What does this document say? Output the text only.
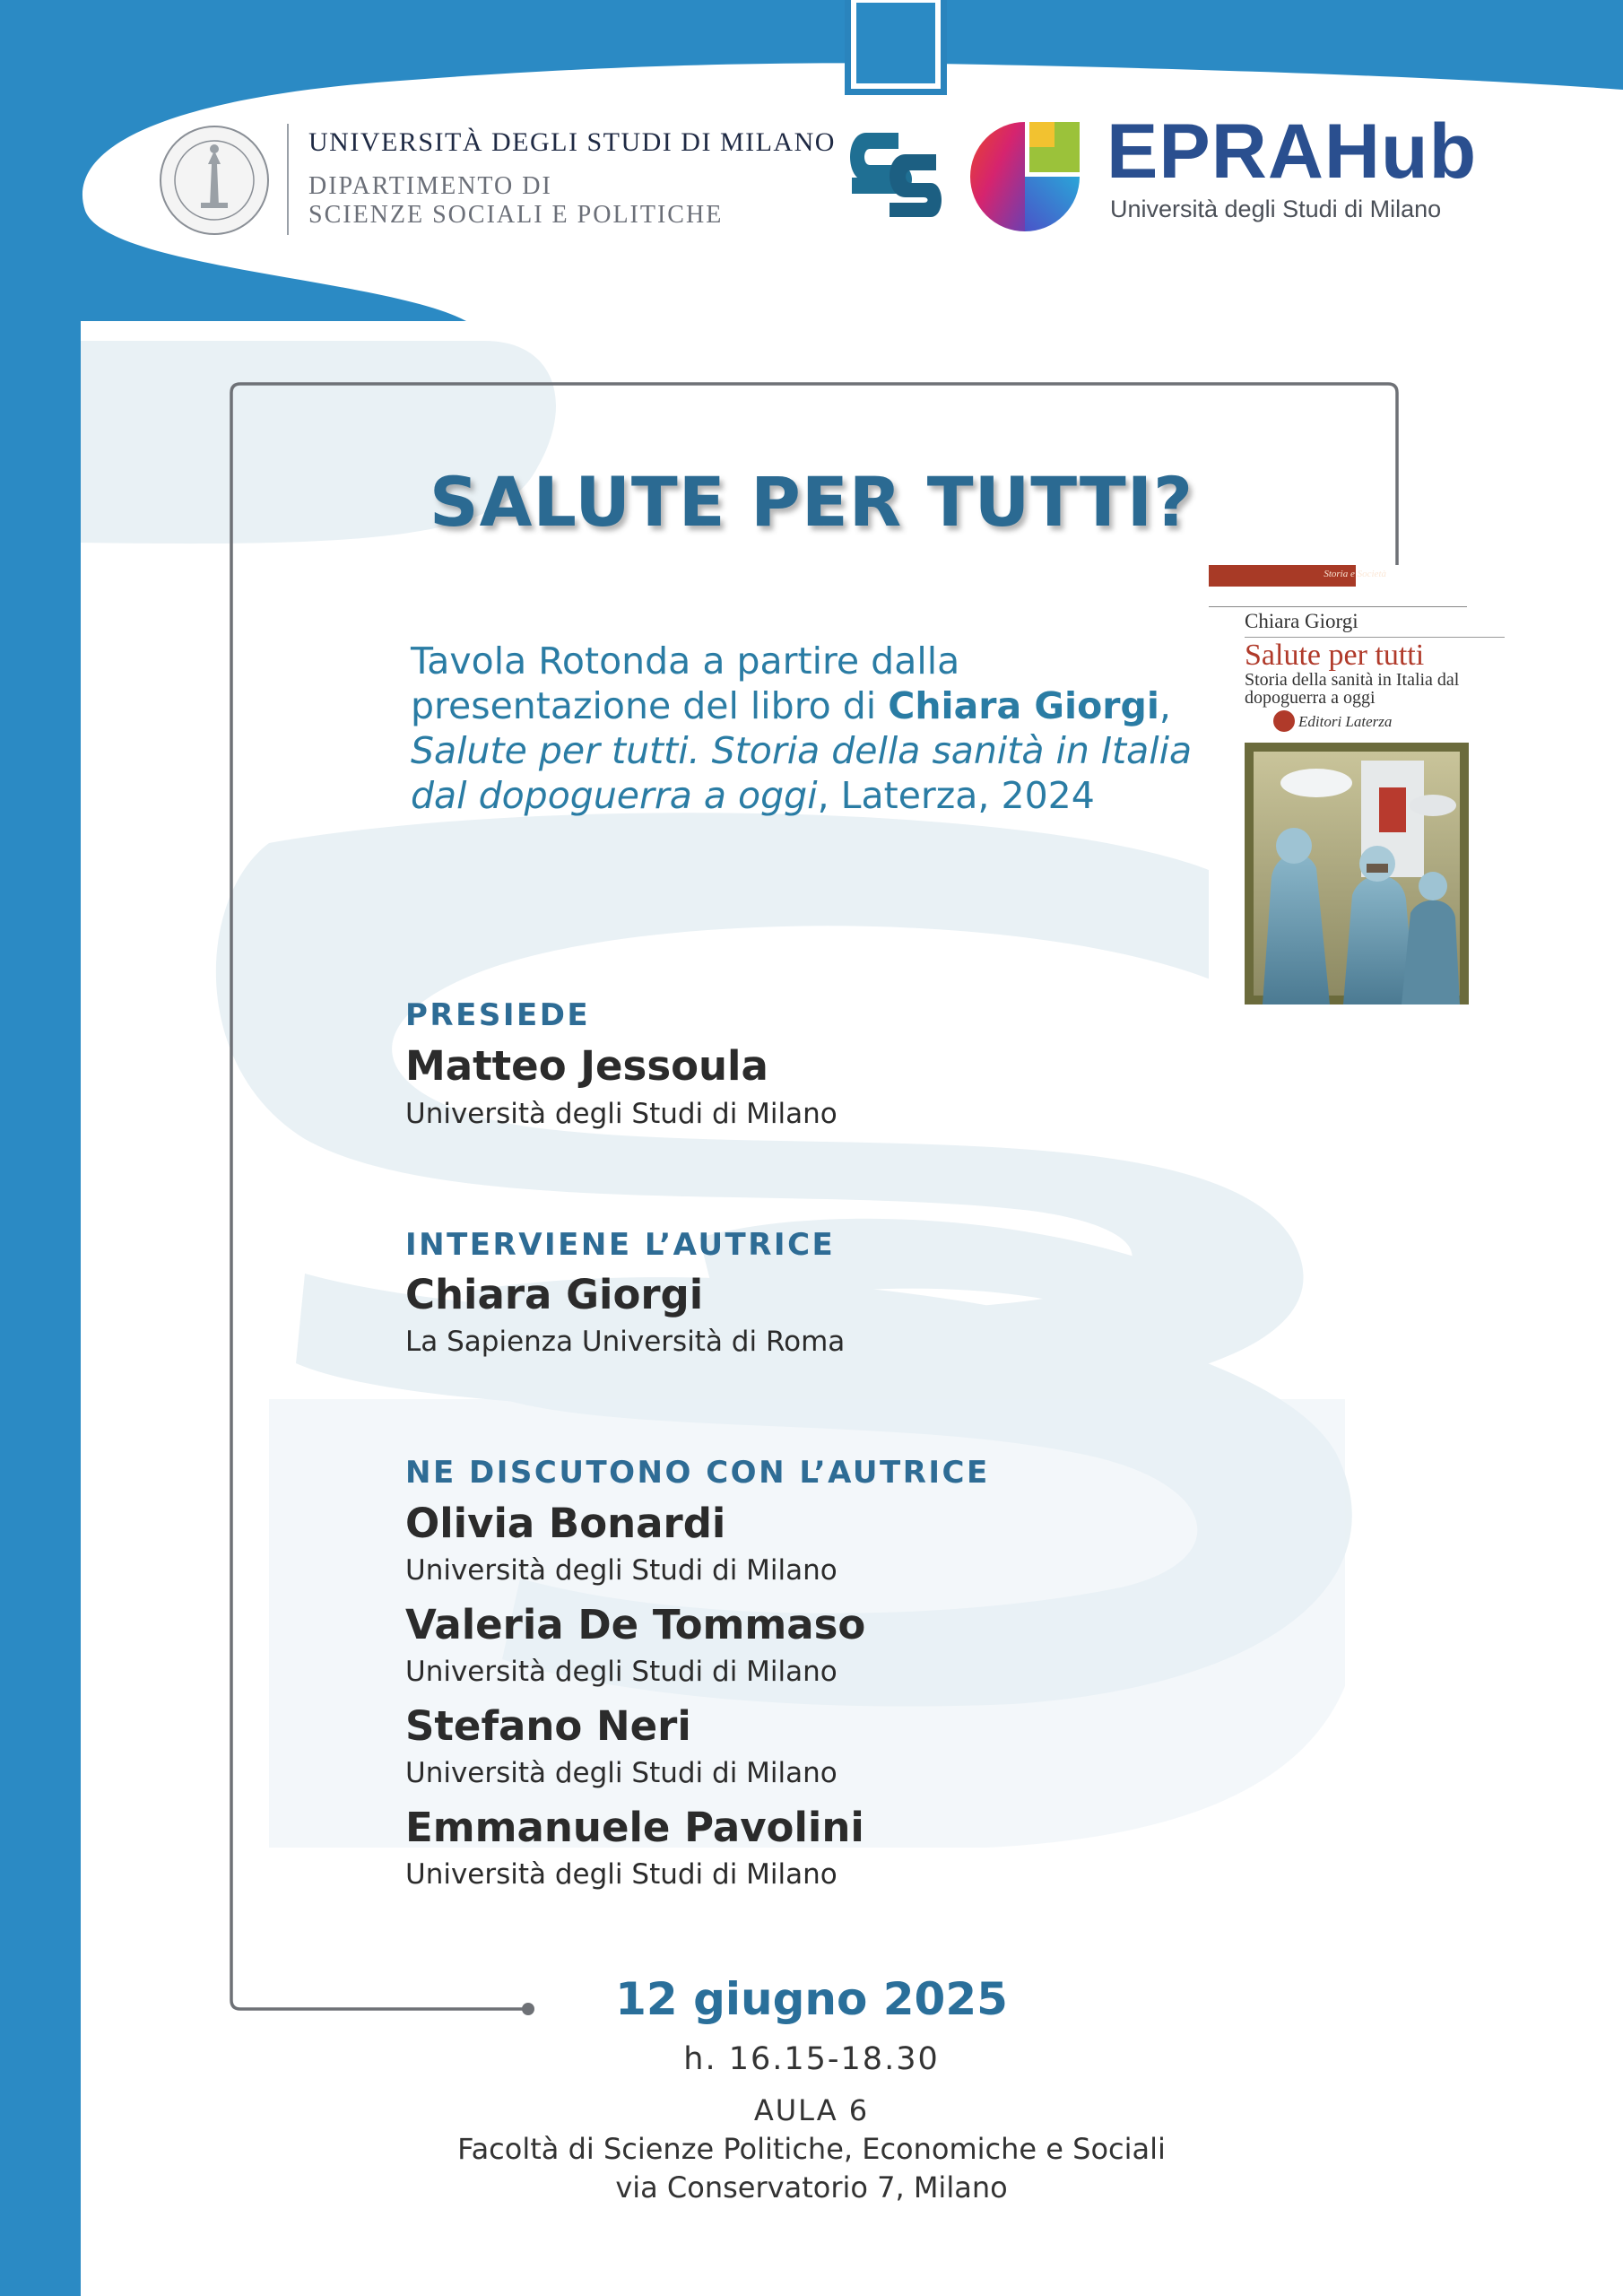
UNIVERSITÀ DEGLI STUDI DI MILANO
DIPARTIMENTO DI
SCIENZE SOCIALI E POLITICHE
EPRAHub
Università degli Studi di Milano
SALUTE PER TUTTI?
Tavola Rotonda a partire dalla presentazione del libro di Chiara Giorgi, Salute per tutti. Storia della sanità in Italia dal dopoguerra a oggi, Laterza, 2024
Storia e Società
Chiara Giorgi
Salute per tutti
Storia della sanità in Italia dal dopoguerra a oggi
Editori Laterza
PRESIEDE
Matteo Jessoula
Università degli Studi di Milano
INTERVIENE L’AUTRICE
Chiara Giorgi
La Sapienza Università di Roma
NE DISCUTONO CON L’AUTRICE
Olivia Bonardi
Università degli Studi di Milano
Valeria De Tommaso
Università degli Studi di Milano
Stefano Neri
Università degli Studi di Milano
Emmanuele Pavolini
Università degli Studi di Milano
12 giugno 2025
h. 16.15-18.30
AULA 6
Facoltà di Scienze Politiche, Economiche e Sociali
via Conservatorio 7, Milano
